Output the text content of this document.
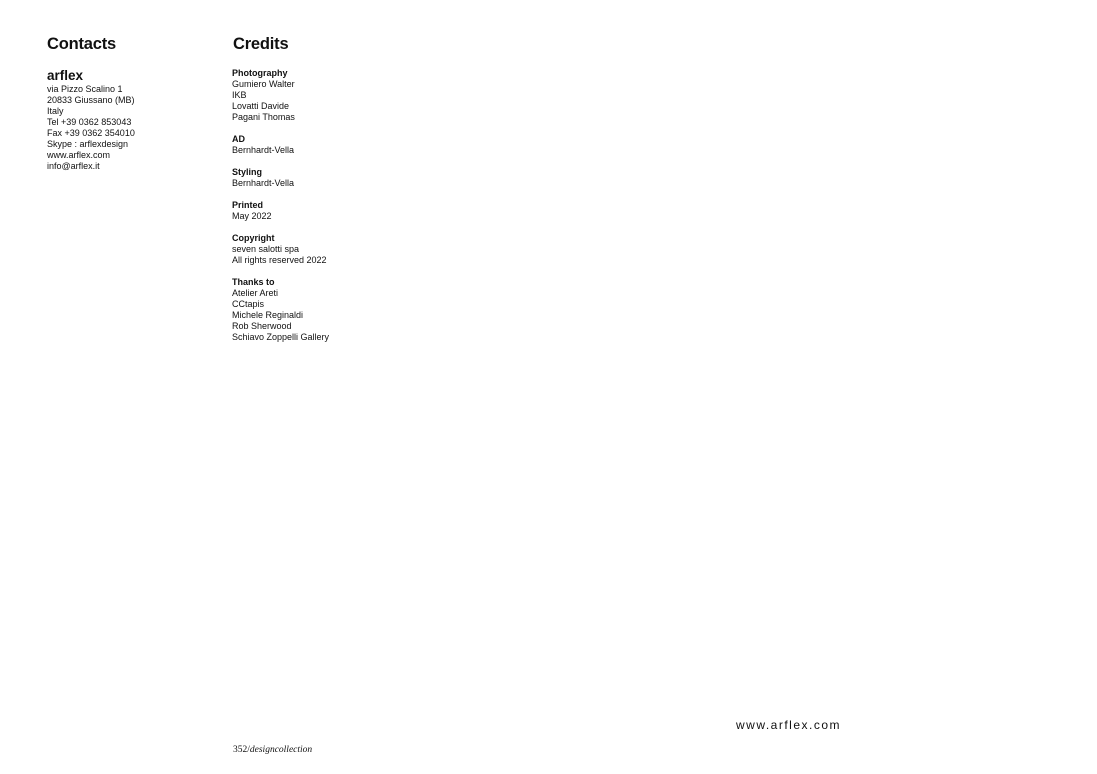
Contacts	Credits
arflex
via Pizzo Scalino 1
20833 Giussano (MB)
Italy
Tel +39 0362 853043
Fax +39 0362 354010
Skype : arflexdesign
www.arflex.com
info@arflex.it
Photography
Gumiero Walter
IKB
Lovatti Davide
Pagani Thomas
AD
Bernhardt-Vella
Styling
Bernhardt-Vella
Printed
May 2022
Copyright
seven salotti spa
All rights reserved 2022
Thanks to
Atelier Areti
CCtapis
Michele Reginaldi
Rob Sherwood
Schiavo Zoppelli Gallery
www.arflex.com
352/designcollection
